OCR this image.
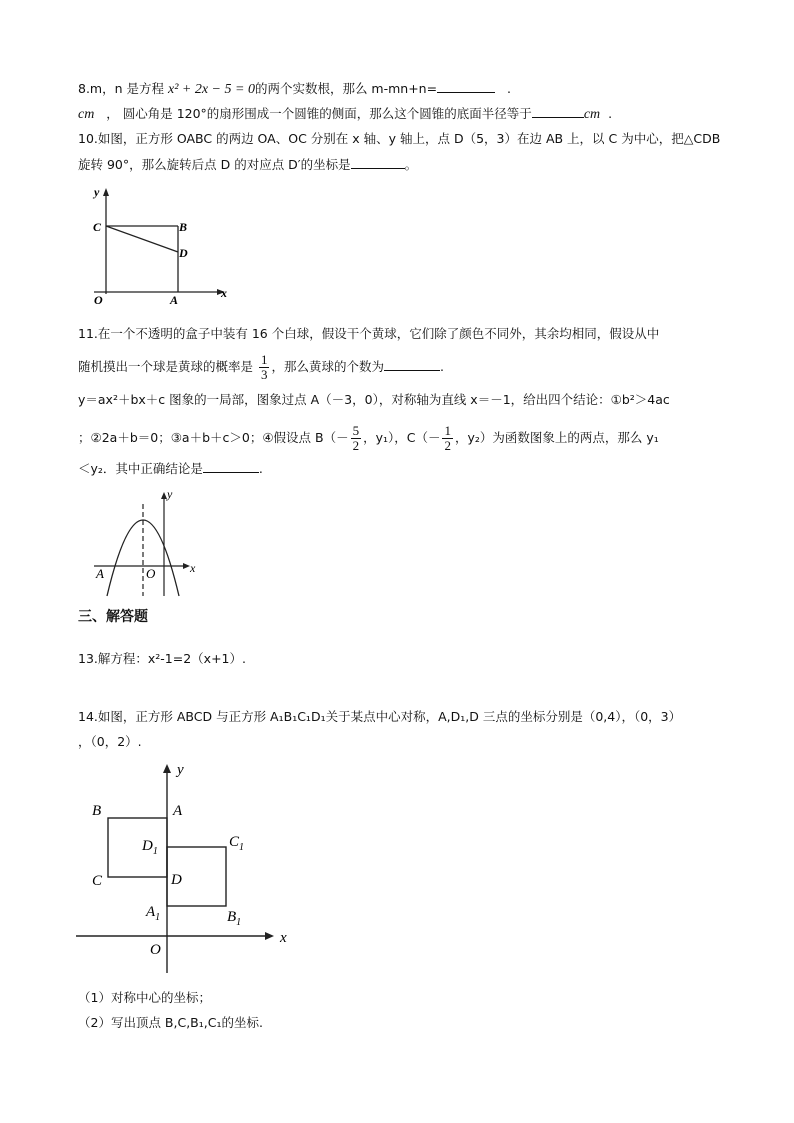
8.m，n 是方程 x² + 2x − 5 = 0的两个实数根，那么 m-mn+n=	.
cm ， 圆心角是 120°的扇形围成一个圆锥的侧面，那么这个圆锥的底面半径等于	cm .
10.如图，正方形 OABC 的两边 OA、OC 分别在 x 轴、y 轴上，点 D（5，3）在边 AB 上，以 C 为中心，把△CDB
旋转 90°，那么旋转后点 D 的对应点 D′的坐标是	。
y
x
C	B
D
O	A
11.在一个不透明的盒子中装有 16 个白球，假设干个黄球，它们除了颜色不同外，其余均相同，假设从中
随机摸出一个球是黄球的概率是 $\frac{1}{3}$ ，那么黄球的个数为	.
y＝ax²＋bx＋c 图象的一局部，图象过点 A（－3，0），对称轴为直线 x＝－1，给出四个结论：①b²＞4ac
；②2a＋b＝0；③a＋b＋c＞0；④假设点 $B(- \frac{5}{2}$ ，y₁），$C(- \frac{1}{2}$ ，y₂）为函数图象上的两点，那么 y₁
＜y₂．其中正确结论是	.
y
x
A	O
三、解答题
13.解方程：x²-1=2（x+1）.
14.如图，正方形 ABCD 与正方形 A₁B₁C₁D₁关于某点中心对称，A,D₁,D 三点的坐标分别是（0,4），（0，3）
，（0，2）.
y
x
O
B	A
C	D
$D_1$
$C_1$
$A_1$	$B_1$
（1）对称中心的坐标；
（2）写出顶点 B,C,B₁,C₁的坐标.
